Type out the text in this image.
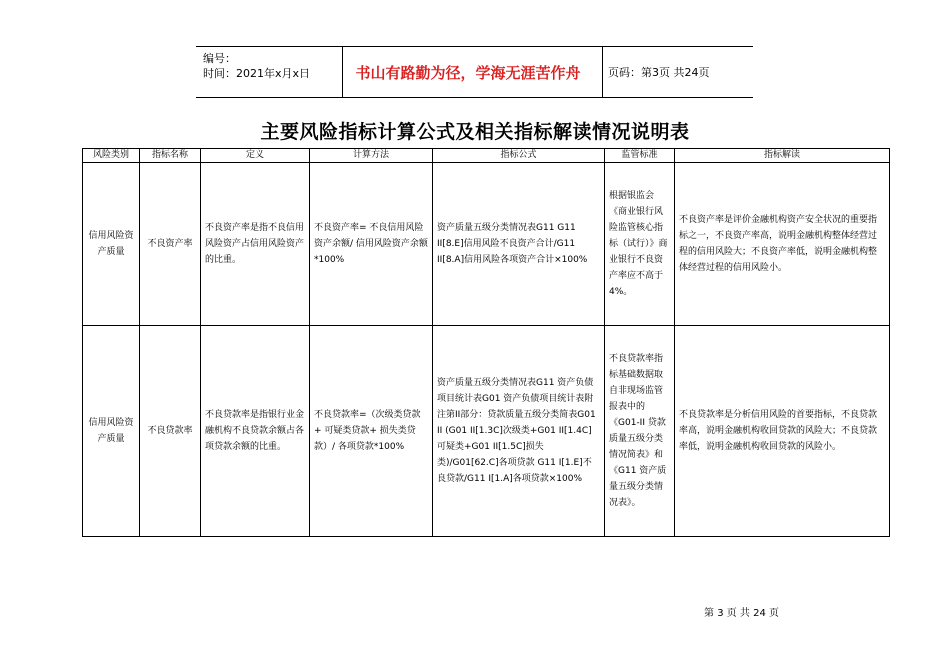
编号：
时间：2021年x月x日	书山有路勤为径，学海无涯苦作舟	页码：第3页 共24页
主要风险指标计算公式及相关指标解读情况说明表
风险类别	指标名称	定义	计算方法	指标公式	监管标准	指标解读
信用风险资产质量	不良资产率	不良资产率是指不良信用风险资产占信用风险资产的比重。	不良资产率= 不良信用风险资产余额/ 信用风险资产余额*100%	资产质量五级分类情况表G11 G11 II[8.E]信用风险不良资产合计/G11 II[8.A]信用风险各项资产合计×100%	根据银监会《商业银行风险监管核心指标（试行）》商业银行不良资产率应不高于4%。	不良资产率是评价金融机构资产安全状况的重要指标之一，不良资产率高，说明金融机构整体经营过程的信用风险大；不良资产率低，说明金融机构整体经营过程的信用风险小。
信用风险资产质量	不良贷款率	不良贷款率是指银行业金融机构不良贷款余额占各项贷款余额的比重。	不良贷款率=（次级类贷款+ 可疑类贷款+ 损失类贷款）/ 各项贷款*100%	资产质量五级分类情况表G11 资产负债项目统计表G01 资产负债项目统计表附注第II部分：贷款质量五级分类简表G01 II (G01 II[1.3C]次级类+G01 II[1.4C]可疑类+G01 II[1.5C]损失类)/G01[62.C]各项贷款 G11 I[1.E]不良贷款/G11 I[1.A]各项贷款×100%	不良贷款率指标基础数据取自非现场监管报表中的《G01-II 贷款质量五级分类情况简表》和《G11 资产质量五级分类情况表》。	不良贷款率是分析信用风险的首要指标，不良贷款率高，说明金融机构收回贷款的风险大；不良贷款率低，说明金融机构收回贷款的风险小。
第 3 页 共 24 页
